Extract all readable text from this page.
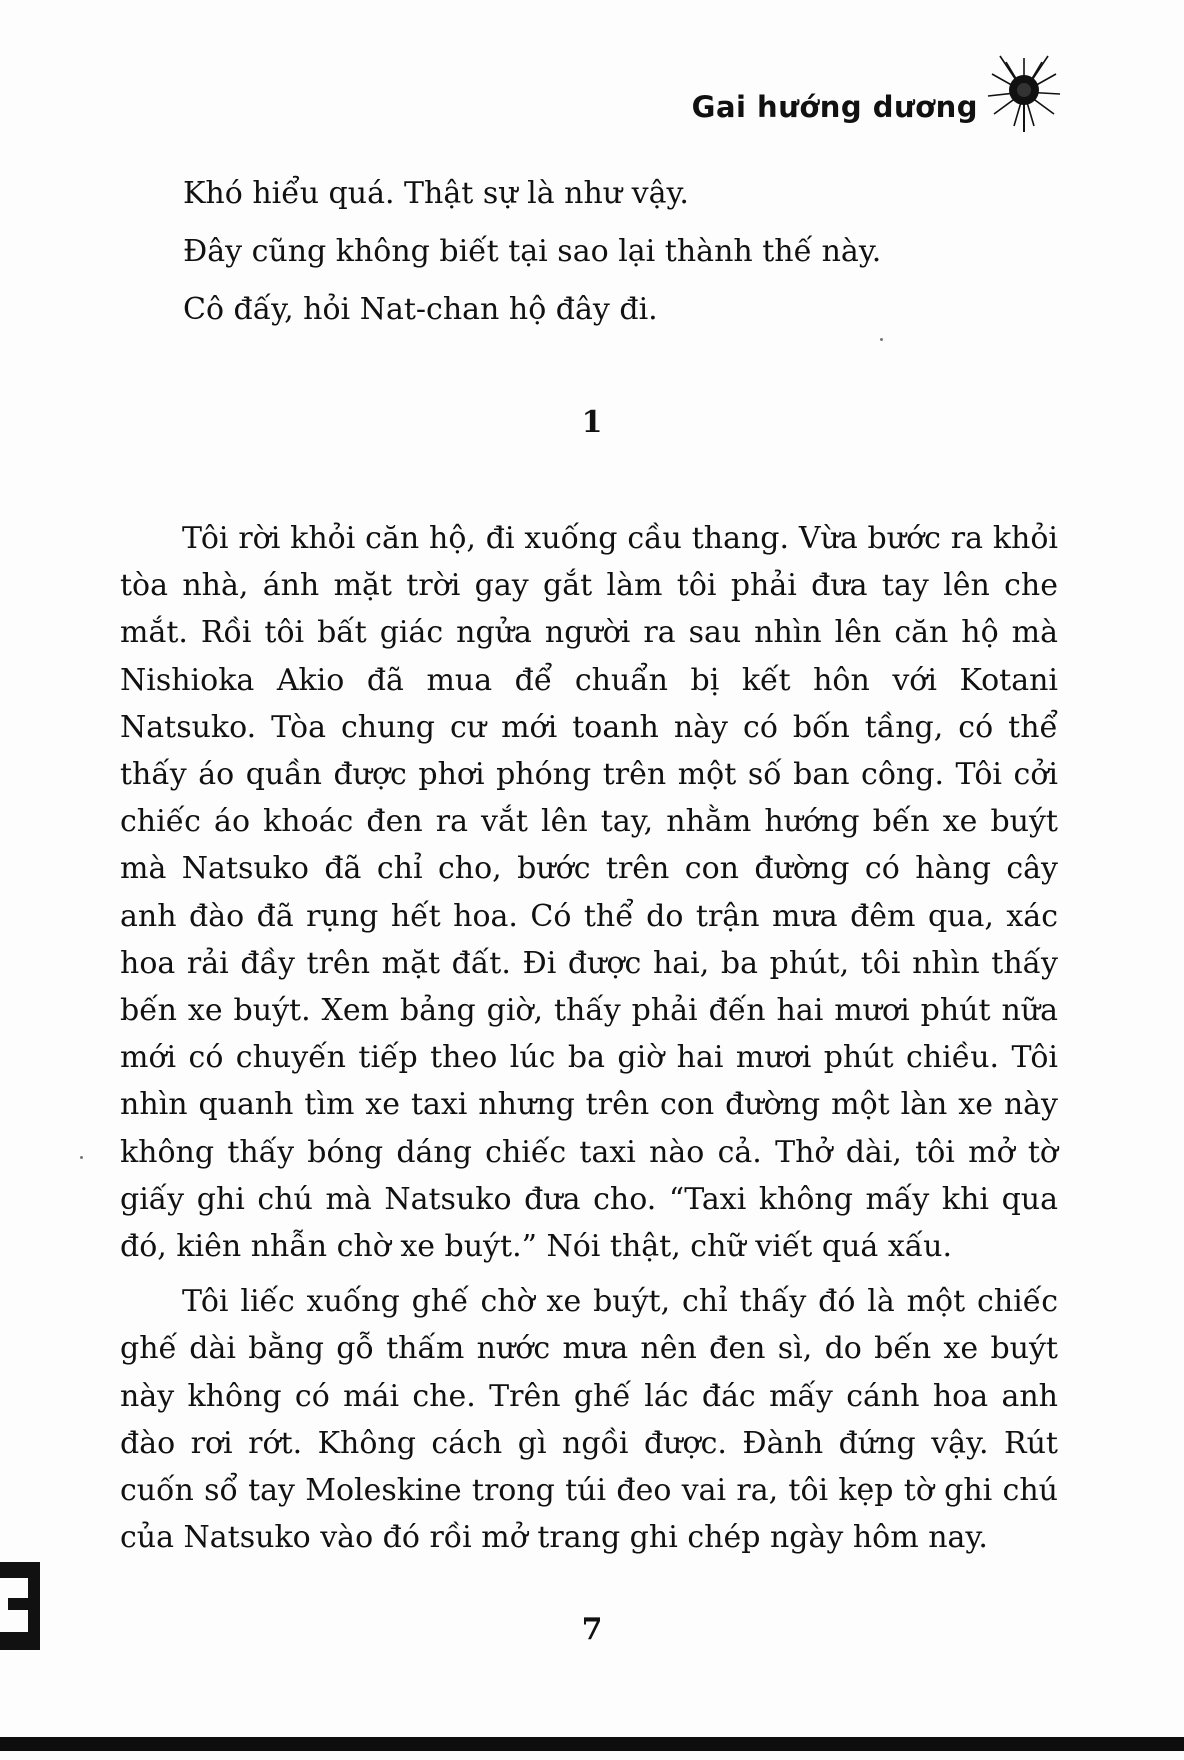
Gai hướng dương

Khó hiểu quá. Thật sự là như vậy.

Đây cũng không biết tại sao lại thành thế này.

Cô đấy, hỏi Nat-chan hộ đây đi.

1

Tôi rời khỏi căn hộ, đi xuống cầu thang. Vừa bước ra khỏi tòa nhà, ánh mặt trời gay gắt làm tôi phải đưa tay lên che mắt. Rồi tôi bất giác ngửa người ra sau nhìn lên căn hộ mà Nishioka Akio đã mua để chuẩn bị kết hôn với Kotani Natsuko. Tòa chung cư mới toanh này có bốn tầng, có thể thấy áo quần được phơi phóng trên một số ban công. Tôi cởi chiếc áo khoác đen ra vắt lên tay, nhằm hướng bến xe buýt mà Natsuko đã chỉ cho, bước trên con đường có hàng cây anh đào đã rụng hết hoa. Có thể do trận mưa đêm qua, xác hoa rải đầy trên mặt đất. Đi được hai, ba phút, tôi nhìn thấy bến xe buýt. Xem bảng giờ, thấy phải đến hai mươi phút nữa mới có chuyến tiếp theo lúc ba giờ hai mươi phút chiều. Tôi nhìn quanh tìm xe taxi nhưng trên con đường một làn xe này không thấy bóng dáng chiếc taxi nào cả. Thở dài, tôi mở tờ giấy ghi chú mà Natsuko đưa cho. “Taxi không mấy khi qua đó, kiên nhẫn chờ xe buýt.” Nói thật, chữ viết quá xấu.

Tôi liếc xuống ghế chờ xe buýt, chỉ thấy đó là một chiếc ghế dài bằng gỗ thấm nước mưa nên đen sì, do bến xe buýt này không có mái che. Trên ghế lác đác mấy cánh hoa anh đào rơi rớt. Không cách gì ngồi được. Đành đứng vậy. Rút cuốn sổ tay Moleskine trong túi đeo vai ra, tôi kẹp tờ ghi chú của Natsuko vào đó rồi mở trang ghi chép ngày hôm nay.

7
